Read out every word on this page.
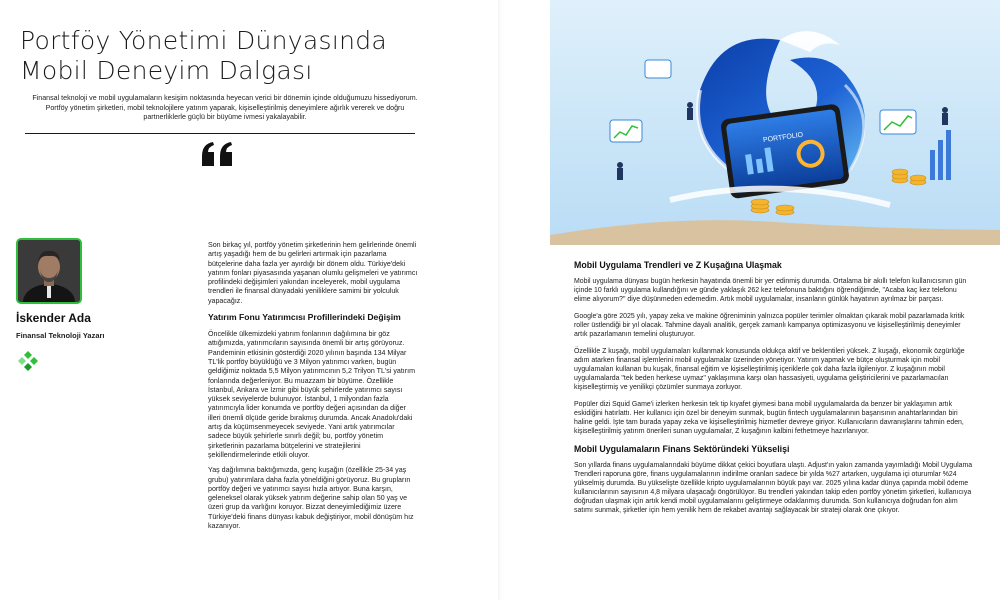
Portföy Yönetimi Dünyasında
Mobil Deneyim Dalgası

Finansal teknoloji ve mobil uygulamaların kesişim noktasında heyecan verici bir dönemin içinde olduğumuzu hissediyorum. Portföy yönetim şirketleri, mobil teknolojilere yatırım yaparak, kişiselleştirilmiş deneyimlere ağırlık vererek ve doğru partnerliklerle güçlü bir büyüme ivmesi yakalayabilir.

İskender Ada
Finansal Teknoloji Yazarı

Son birkaç yıl, portföy yönetim şirketlerinin hem gelirlerinde önemli artış yaşadığı hem de bu gelirleri artırmak için pazarlama bütçelerine daha fazla yer ayırdığı bir dönem oldu. Türkiye'deki yatırım fonları piyasasında yaşanan olumlu gelişmeleri ve yatırımcı profilindeki değişimleri yakından inceleyerek, mobil uygulama trendleri ile finansal dünyadaki yeniliklere samimi bir yolculuk yapacağız.

Yatırım Fonu Yatırımcısı Profillerindeki Değişim

Öncelikle ülkemizdeki yatırım fonlarının dağılımına bir göz attığımızda, yatırımcıların sayısında önemli bir artış görüyoruz. Pandeminin etkisinin gösterdiği 2020 yılının başında 134 Milyar TL'lik portföy büyüklüğü ve 3 Milyon yatırımcı varken, bugün geldiğimiz noktada 5,5 Milyon yatırımcının 5,2 Trilyon TL'si yatırım fonlarında değerleniyor. Bu muazzam bir büyüme. Özellikle İstanbul, Ankara ve İzmir gibi büyük şehirlerde yatırımcı sayısı yüksek seviyelerde bulunuyor. İstanbul, 1 milyondan fazla yatırımcıyla lider konumda ve portföy değeri açısından da diğer illeri önemli ölçüde geride bırakmış durumda. Ancak Anadolu'daki artış da küçümsenmeyecek seviyede. Yani artık yatırımcılar sadece büyük şehirlerle sınırlı değil; bu, portföy yönetim şirketlerinin pazarlama bütçelerini ve stratejilerini şekillendirmelerinde etkili oluyor.

Yaş dağılımına baktığımızda, genç kuşağın (özellikle 25-34 yaş grubu) yatırımlara daha fazla yöneldiğini görüyoruz. Bu grupların portföy değeri ve yatırımcı sayısı hızla artıyor. Buna karşın, geleneksel olarak yüksek yatırım değerine sahip olan 50 yaş ve üzeri grup da varlığını koruyor. Bizzat deneyimlediğimiz üzere Türkiye'deki finans dünyası kabuk değiştiriyor, mobil dönüşüm hız kazanıyor.

PORTFOLIO
Mobil Uygulama Trendleri ve Z Kuşağına Ulaşmak

Mobil uygulama dünyası bugün herkesin hayatında önemli bir yer edinmiş durumda. Ortalama bir akıllı telefon kullanıcısının gün içinde 10 farklı uygulama kullandığını ve günde yaklaşık 262 kez telefonuna baktığını öğrendiğimde, "Acaba kaç kez telefonu elime alıyorum?" diye düşünmeden edemedim. Artık mobil uygulamalar, insanların günlük hayatının ayrılmaz bir parçası.

Google'a göre 2025 yılı, yapay zeka ve makine öğreniminin yalnızca popüler terimler olmaktan çıkarak mobil pazarlamada kritik roller üstlendiği bir yıl olacak. Tahmine dayalı analitik, gerçek zamanlı kampanya optimizasyonu ve kişiselleştirilmiş deneyimler artık pazarlamanın temelini oluşturuyor.

Özellikle Z kuşağı, mobil uygulamaları kullanmak konusunda oldukça aktif ve beklentileri yüksek. Z kuşağı, ekonomik özgürlüğe adım atarken finansal işlemlerini mobil uygulamalar üzerinden yönetiyor. Yatırım yapmak ve bütçe oluşturmak için mobil uygulamaları kullanan bu kuşak, finansal eğitim ve kişiselleştirilmiş içeriklerle çok daha fazla ilgileniyor. Z kuşağının mobil uygulamalarda "tek beden herkese uymaz" yaklaşımına karşı olan hassasiyeti, uygulama geliştiricilerini ve pazarlamacıları kişiselleştirmiş ve yenilikçi çözümler sunmaya zorluyor.

Popüler dizi Squid Game'i izlerken herkesin tek tip kıyafet giymesi bana mobil uygulamalarda da benzer bir yaklaşımın artık eskidiğini hatırlattı. Her kullanıcı için özel bir deneyim sunmak, bugün fintech uygulamalarının başarısının anahtarlarından biri haline geldi. İşte tam burada yapay zeka ve kişiselleştirilmiş hizmetler devreye giriyor. Kullanıcıların davranışlarını tahmin eden, kişiselleştirilmiş yatırım önerileri sunan uygulamalar, Z kuşağının kalbini fethetmeye hazırlanıyor.

Mobil Uygulamaların Finans Sektöründeki Yükselişi

Son yıllarda finans uygulamalarındaki büyüme dikkat çekici boyutlara ulaştı. Adjust'ın yakın zamanda yayımladığı Mobil Uygulama Trendleri raporuna göre, finans uygulamalarının indirilme oranları sadece bir yılda %27 artarken, uygulama içi oturumlar %24 yükselmiş durumda. Bu yükselişte özellikle kripto uygulamalarının büyük payı var. 2025 yılına kadar dünya çapında mobil ödeme kullanıcılarının sayısının 4,8 milyara ulaşacağı öngörülüyor. Bu trendleri yakından takip eden portföy yönetim şirketleri, kullanıcıya doğrudan ulaşmak için artık kendi mobil uygulamalarını geliştirmeye odaklanmış durumda. Son kullanıcıya doğrudan fon alım satımı sunmak, şirketler için hem yenilik hem de rekabet avantajı sağlayacak bir strateji olarak öne çıkıyor.
